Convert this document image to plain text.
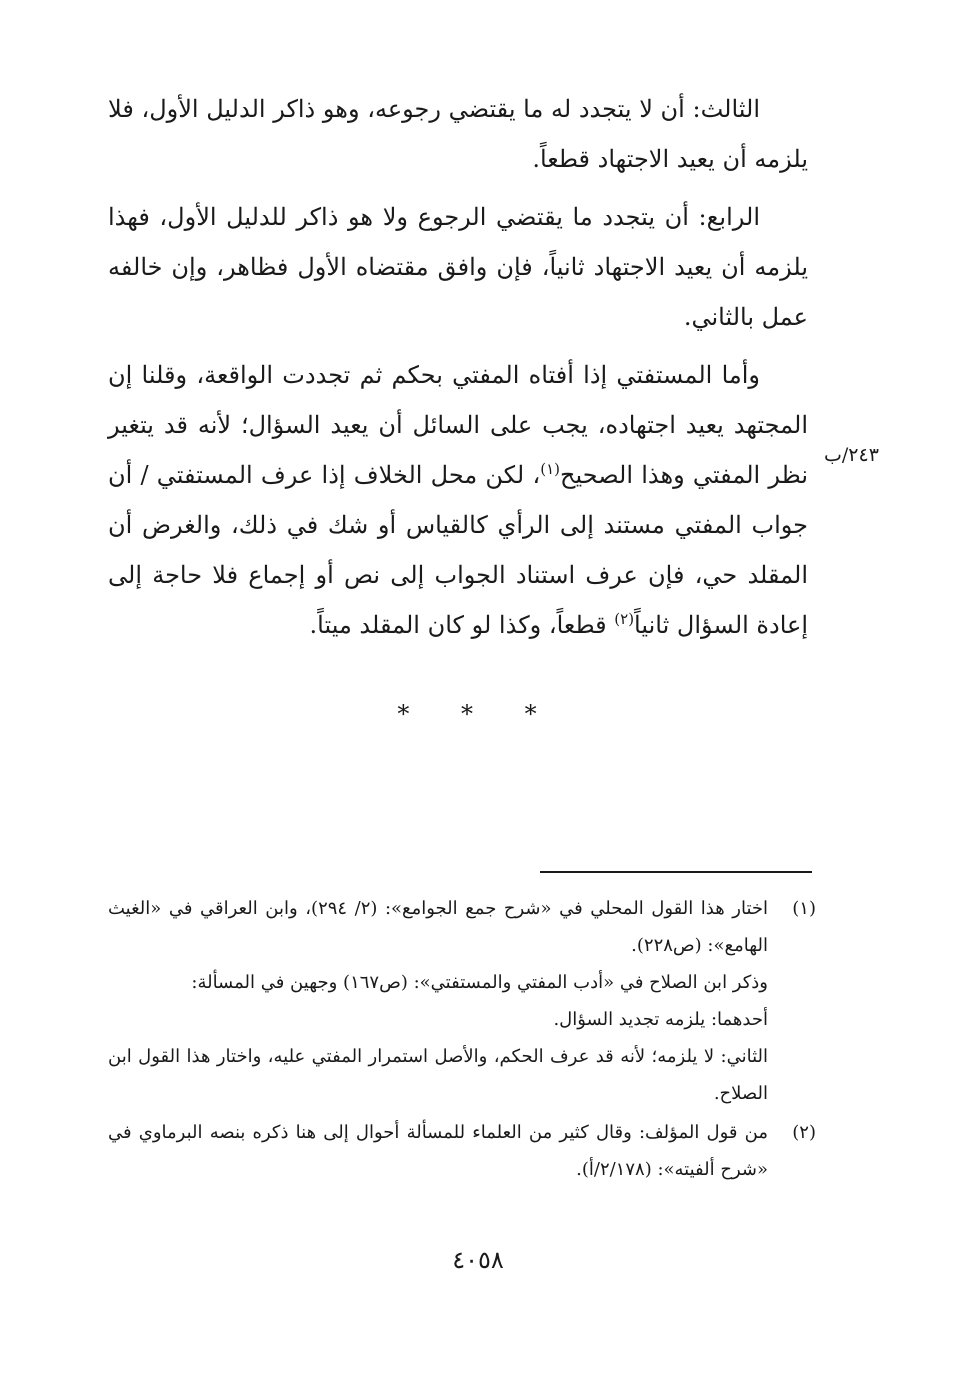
الثالث: أن لا يتجدد له ما يقتضي رجوعه، وهو ذاكر الدليل الأول، فلا يلزمه أن يعيد الاجتهاد قطعاً.

الرابع: أن يتجدد ما يقتضي الرجوع ولا هو ذاكر للدليل الأول، فهذا يلزمه أن يعيد الاجتهاد ثانياً، فإن وافق مقتضاه الأول فظاهر، وإن خالفه عمل بالثاني.

وأما المستفتي إذا أفتاه المفتي بحكم ثم تجددت الواقعة، وقلنا إن المجتهد يعيد اجتهاده، يجب على السائل أن يعيد السؤال؛ لأنه قد يتغير نظر المفتي وهذا الصحيح$^{(١)}$، لكن محل الخلاف إذا عرف المستفتي / أن جواب المفتي مستند إلى الرأي كالقياس أو شك في ذلك، والغرض أن المقلد حي، فإن عرف استناد الجواب إلى نص أو إجماع فلا حاجة إلى إعادة السؤال ثانياً$^{(٢)}$ قطعاً، وكذا لو كان المقلد ميتاً.

٢٤٣/ب
* * *
(١)
اختار هذا القول المحلي في «شرح جمع الجوامع»: (٢/ ٢٩٤)، وابن العراقي في «الغيث الهامع»: (ص٢٢٨).
وذكر ابن الصلاح في «أدب المفتي والمستفتي»: (ص١٦٧) وجهين في المسألة:
أحدهما: يلزمه تجديد السؤال.
الثاني: لا يلزمه؛ لأنه قد عرف الحكم، والأصل استمرار المفتي عليه، واختار هذا القول ابن الصلاح.
(٢)
من قول المؤلف: وقال كثير من العلماء للمسألة أحوال إلى هنا ذكره بنصه البرماوي في «شرح ألفيته»: (٢/١٧٨/أ).
٤٠٥٨
